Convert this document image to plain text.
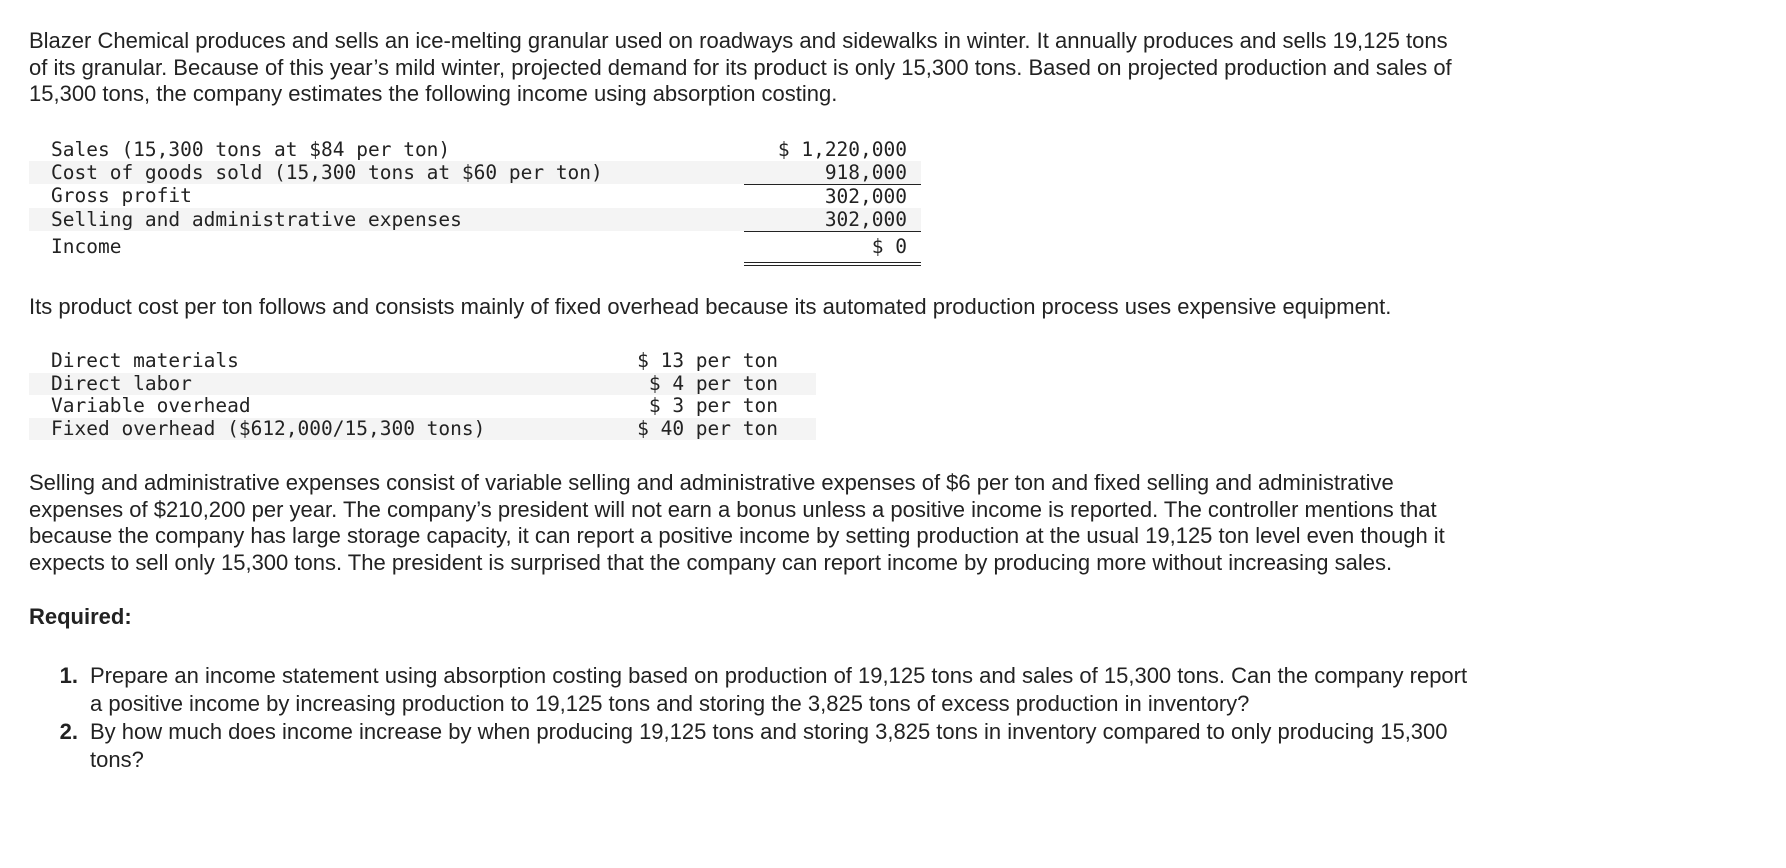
Blazer Chemical produces and sells an ice-melting granular used on roadways and sidewalks in winter. It annually produces and sells 19,125 tons of its granular. Because of this year’s mild winter, projected demand for its product is only 15,300 tons. Based on projected production and sales of 15,300 tons, the company estimates the following income using absorption costing.

Sales (15,300 tons at $84 per ton)	$ 1,220,000
Cost of goods sold (15,300 tons at $60 per ton)	918,000
Gross profit	302,000
Selling and administrative expenses	302,000
Income	$ 0

Its product cost per ton follows and consists mainly of fixed overhead because its automated production process uses expensive equipment.

Direct materials	$ 13 per ton
Direct labor	$ 4 per ton
Variable overhead	$ 3 per ton
Fixed overhead ($612,000/15,300 tons)	$ 40 per ton

Selling and administrative expenses consist of variable selling and administrative expenses of $6 per ton and fixed selling and administrative expenses of $210,200 per year. The company’s president will not earn a bonus unless a positive income is reported. The controller mentions that because the company has large storage capacity, it can report a positive income by setting production at the usual 19,125 ton level even though it expects to sell only 15,300 tons. The president is surprised that the company can report income by producing more without increasing sales.

Required:
1. Prepare an income statement using absorption costing based on production of 19,125 tons and sales of 15,300 tons. Can the company report a positive income by increasing production to 19,125 tons and storing the 3,825 tons of excess production in inventory?
2. By how much does income increase by when producing 19,125 tons and storing 3,825 tons in inventory compared to only producing 15,300 tons?
